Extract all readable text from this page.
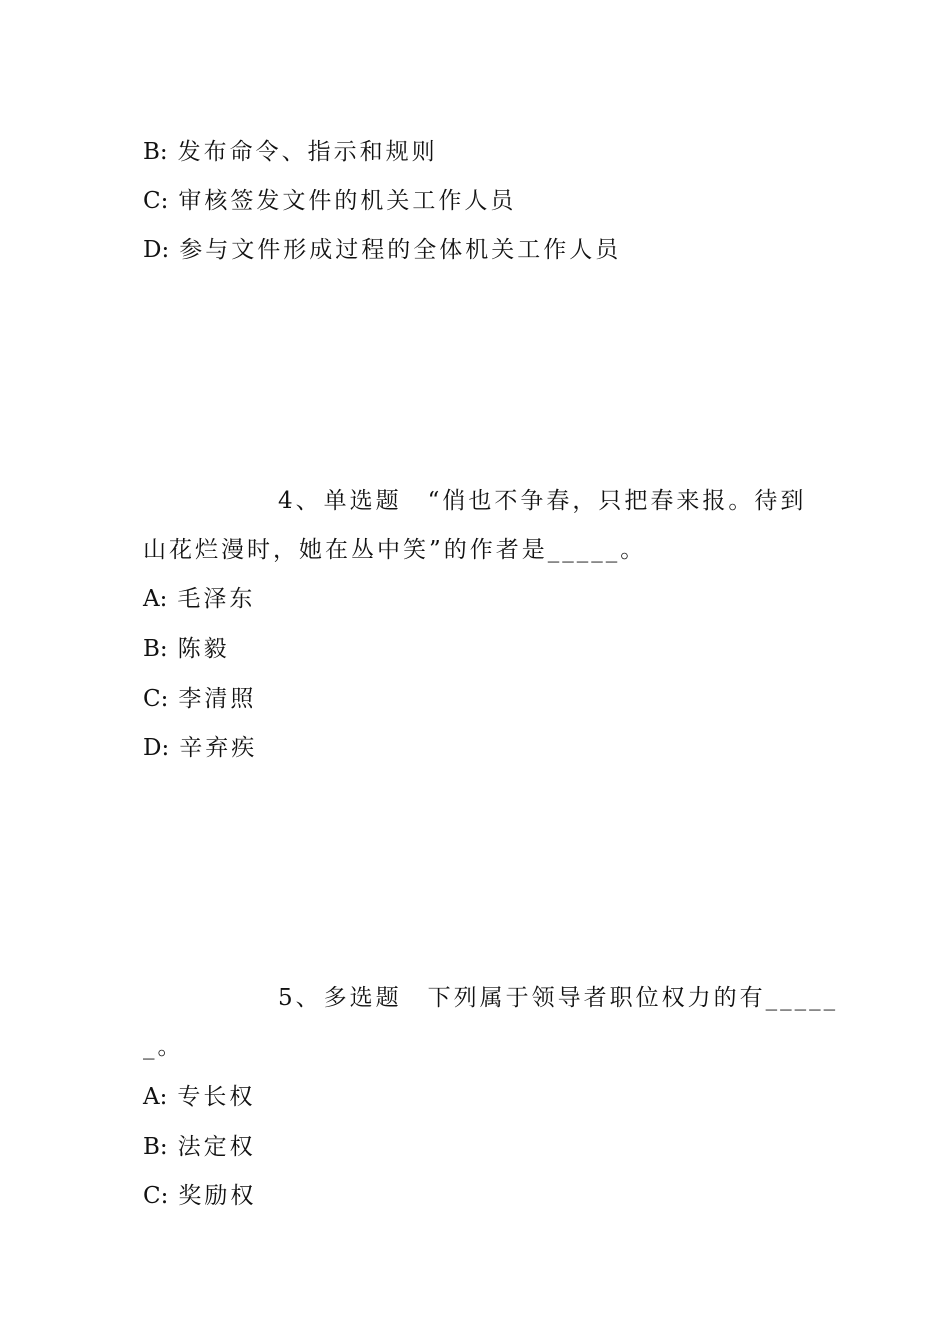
B: 发布命令、指示和规则
C: 审核签发文件的机关工作人员
D: 参与文件形成过程的全体机关工作人员
4、单选题 “俏也不争春，只把春来报。待到
山花烂漫时，她在丛中笑”的作者是_____。
A: 毛泽东
B: 陈毅
C: 李清照
D: 辛弃疾
5、多选题 下列属于领导者职位权力的有_____
_。
A: 专长权
B: 法定权
C: 奖励权
